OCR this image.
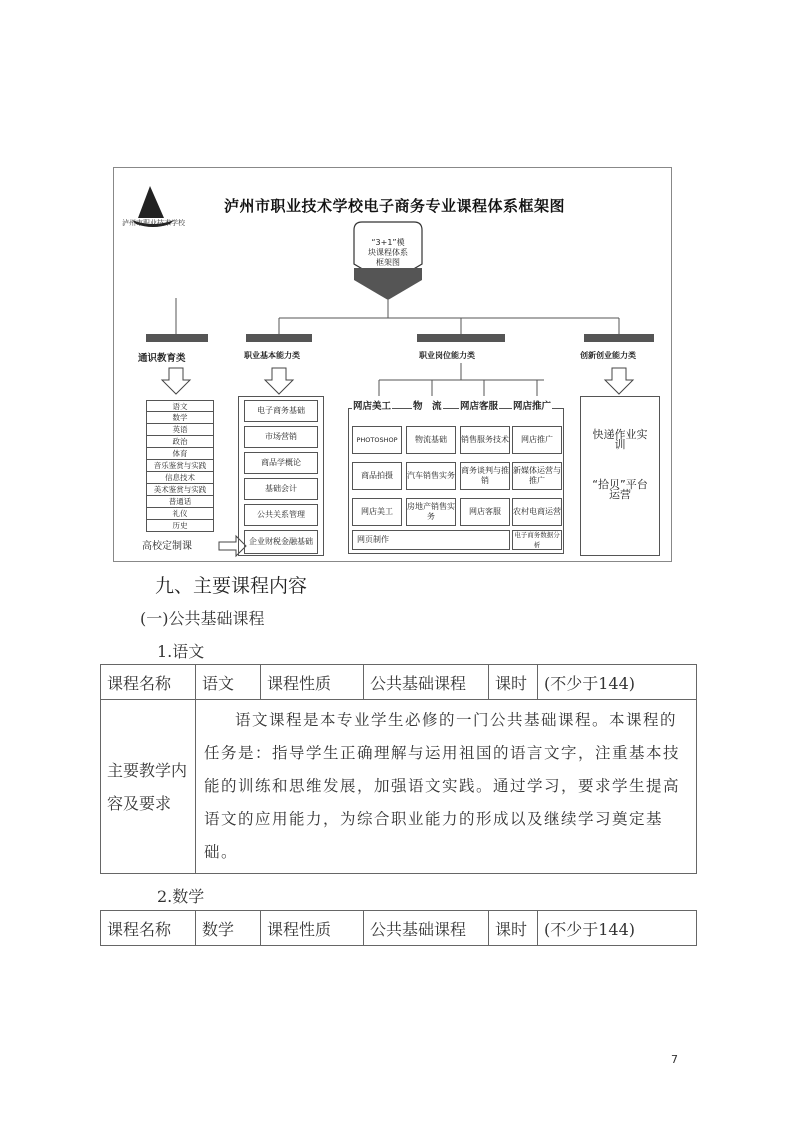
泸州市职业技术学校
泸州市职业技术学校电子商务专业课程体系框架图
“3+1”模
块课程体系
框架图
通识教育类	职业基本能力类	职业岗位能力类	创新创业能力类
语文
数学
英语
政治
体育
音乐鉴赏与实践
信息技术
美术鉴赏与实践
普通话
礼仪
历史
高校定制课
电子商务基础
市场营销
商品学概论
基础会计
公共关系管理
企业财税金融基础
网店美工 物　流 网店客服 网店推广
PHOTOSHOP
商品拍摄
网店美工
物流基础
汽车销售实务
房地产销售实务
销售服务技术
商务谈判与推销
网店客服
网店推广
新媒体运营与推广
农村电商运营
网页制作	电子商务数据分析
快递作业实训
“拾贝”平台运营
九、主要课程内容
(一)公共基础课程
1.语文
课程名称	语文	课程性质	公共基础课程	课时	(不少于144)
主要教学内容及要求	语文课程是本专业学生必修的一门公共基础课程。本课程的任务是：指导学生正确理解与运用祖国的语言文字，注重基本技能的训练和思维发展，加强语文实践。通过学习，要求学生提高语文的应用能力，为综合职业能力的形成以及继续学习奠定基础。				
2.数学
课程名称	数学	课程性质	公共基础课程	课时	(不少于144)
7
